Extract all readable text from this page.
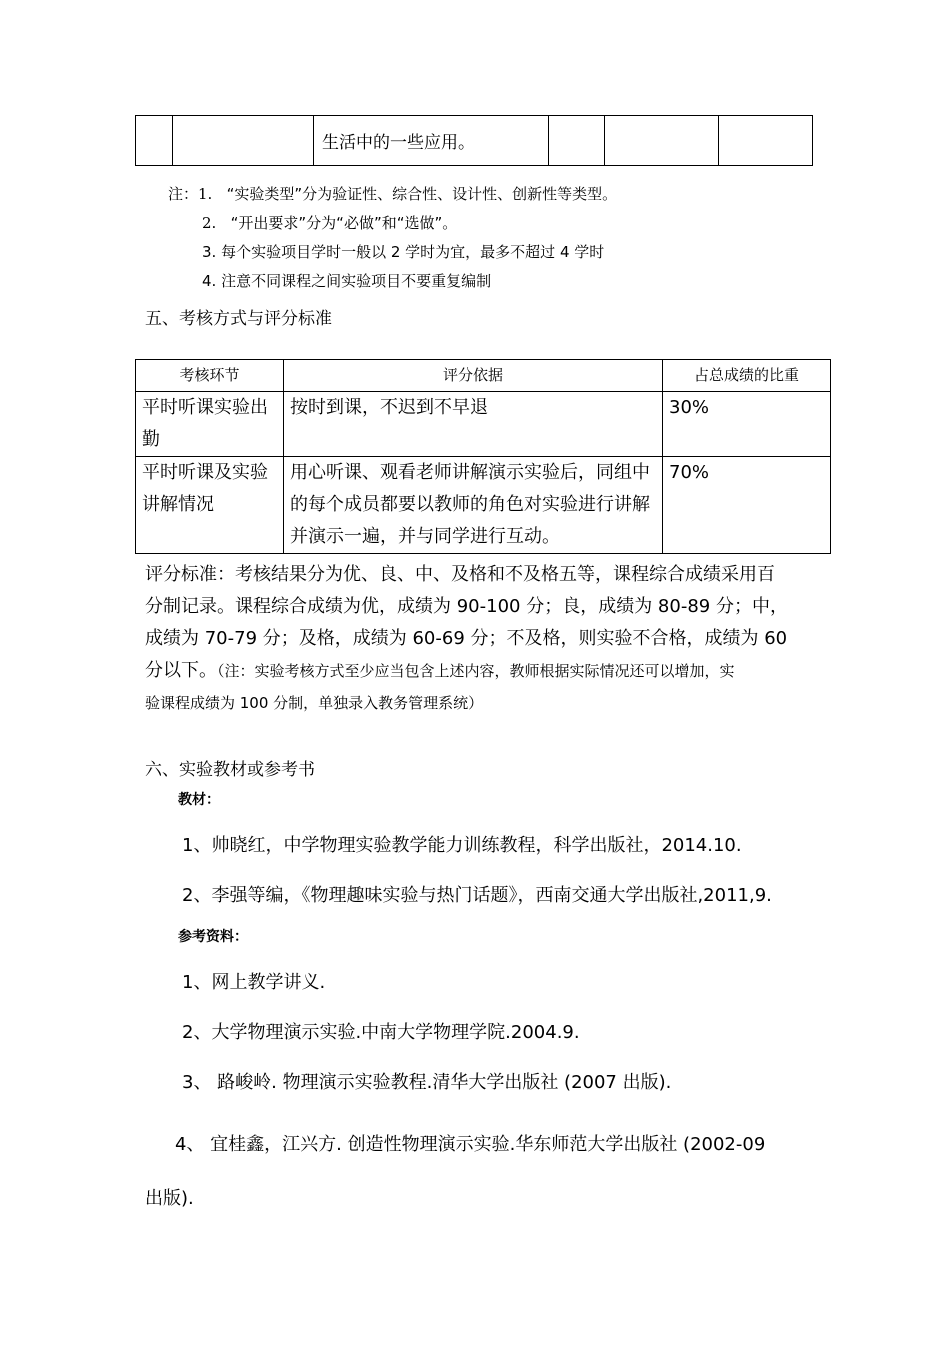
		生活中的一些应用。			
注：1. “实验类型”分为验证性、综合性、设计性、创新性等类型。
2. “开出要求”分为“必做”和“选做”。
3. 每个实验项目学时一般以 2 学时为宜，最多不超过 4 学时
4. 注意不同课程之间实验项目不要重复编制
五、考核方式与评分标准
考核环节	评分依据	占总成绩的比重
平时听课实验出勤	按时到课，不迟到不早退	30%
平时听课及实验讲解情况	用心听课、观看老师讲解演示实验后，同组中的每个成员都要以教师的角色对实验进行讲解并演示一遍，并与同学进行互动。	70%
评分标准：考核结果分为优、良、中、及格和不及格五等，课程综合成绩采用百
分制记录。课程综合成绩为优，成绩为 90-100 分；良，成绩为 80-89 分；中，
成绩为 70-79 分；及格，成绩为 60-69 分；不及格，则实验不合格，成绩为 60
分以下。（注：实验考核方式至少应当包含上述内容，教师根据实际情况还可以增加，实
验课程成绩为 100 分制，单独录入教务管理系统）
六、实验教材或参考书
教材：
1、帅晓红，中学物理实验教学能力训练教程，科学出版社，2014.10.
2、李强等编，《物理趣味实验与热门话题》，西南交通大学出版社,2011,9.
参考资料：
1、网上教学讲义.
2、大学物理演示实验.中南大学物理学院.2004.9.
3、 路峻岭. 物理演示实验教程.清华大学出版社 (2007 出版).
4、 宜桂鑫，江兴方. 创造性物理演示实验.华东师范大学出版社 (2002-09
出版).
